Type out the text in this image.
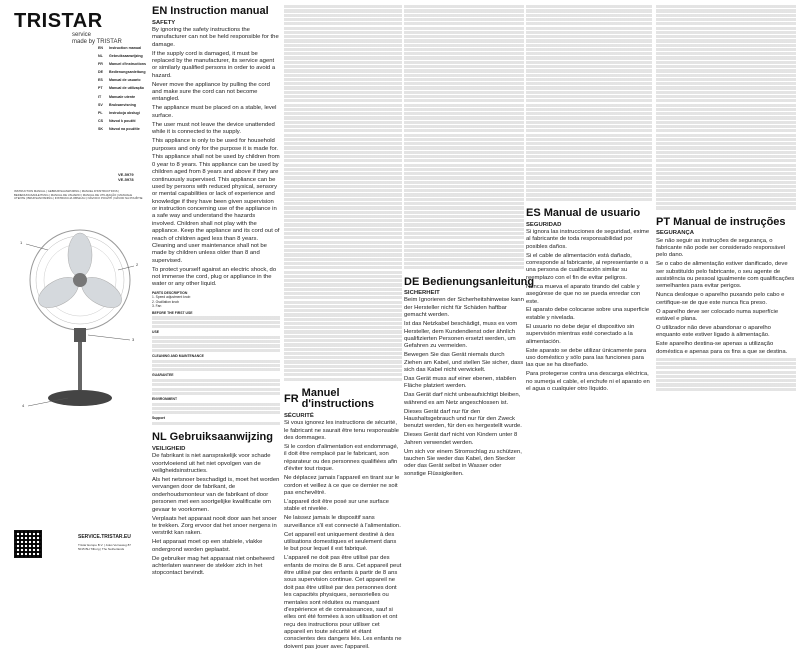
TRISTAR
service
made by TRISTAR
EN	Instruction manual
NL	Gebruiksaanwijzing
FR	Manuel d'instructions
DE	Bedienungsanleitung
ES	Manual de usuario
PT	Manual de utilização
IT	Manuale utente
SV	Bruksanvisning
PL	Instrukcja obsługi
CS	Návod k použití
SK	Návod na použitie
VE-5979
VE-5978
INSTRUCTION MANUAL | GEBRUIKSAANWIJZING | MANUEL D'INSTRUCTIONS | BEDIENUNGSANLEITUNG | MANUAL DE USUARIO | MANUAL DE UTILIZAÇÃO | MANUALE UTENTE | BRUKSANVISNING | INSTRUKCJA OBSŁUGI | NÁVOD K POUŽITÍ | NÁVOD NA POUŽITIE
1
2
3
4
SERVICE.TRISTAR.EU
Tristar Europe B.V. | Jules Verneweg 87
5015 BH Tilburg | The Netherlands
EN Instruction manual
SAFETY

By ignoring the safety instructions the manufacturer can not be held responsible for the damage.

If the supply cord is damaged, it must be replaced by the manufacturer, its service agent or similarly qualified persons in order to avoid a hazard.

Never move the appliance by pulling the cord and make sure the cord can not become entangled.

The appliance must be placed on a stable, level surface.

The user must not leave the device unattended while it is connected to the supply.

This appliance is only to be used for household purposes and only for the purpose it is made for.

This appliance shall not be used by children from 0 year to 8 years. This appliance can be used by children aged from 8 years and above if they are continuously supervised. This appliance can be used by persons with reduced physical, sensory or mental capabilities or lack of experience and knowledge if they have been given supervision or instruction concerning use of the appliance in a safe way and understand the hazards involved. Children shall not play with the appliance. Keep the appliance and its cord out of reach of children aged less than 8 years. Cleaning and user maintenance shall not be made by children unless older than 8 and supervised.

To protect yourself against an electric shock, do not immerse the cord, plug or appliance in the water or any other liquid.

PARTS DESCRIPTION
1. Speed adjustment knob
2. Oscillation knob
3. Fan
BEFORE THE FIRST USE
USE
CLEANING AND MAINTENANCE
GUARANTEE
ENVIRONMENT
Support
NL Gebruiksaanwijzing
VEILIGHEID

De fabrikant is niet aansprakelijk voor schade voortvloeiend uit het niet opvolgen van de veiligheidsinstructies.

Als het netsnoer beschadigd is, moet het worden vervangen door de fabrikant, de onderhoudsmonteur van de fabrikant of door personen met een soortgelijke kwalificatie om gevaar te voorkomen.

Verplaats het apparaat nooit door aan het snoer te trekken. Zorg ervoor dat het snoer nergens in verstrikt kan raken.

Het apparaat moet op een stabiele, vlakke ondergrond worden geplaatst.

De gebruiker mag het apparaat niet onbeheerd achterlaten wanneer de stekker zich in het stopcontact bevindt.

FR Manuel d'instructions
SÉCURITÉ

Si vous ignorez les instructions de sécurité, le fabricant ne saurait être tenu responsable des dommages.

Si le cordon d'alimentation est endommagé, il doit être remplacé par le fabricant, son réparateur ou des personnes qualifiées afin d'éviter tout risque.

Ne déplacez jamais l'appareil en tirant sur le cordon et veillez à ce que ce dernier ne soit pas enchevêtré.

L'appareil doit être posé sur une surface stable et nivelée.

Ne laissez jamais le dispositif sans surveillance s'il est connecté à l'alimentation.

Cet appareil est uniquement destiné à des utilisations domestiques et seulement dans le but pour lequel il est fabriqué.

L'appareil ne doit pas être utilisé par des enfants de moins de 8 ans. Cet appareil peut être utilisé par des enfants à partir de 8 ans sous supervision continue. Cet appareil ne doit pas être utilisé par des personnes dont les capacités physiques, sensorielles ou mentales sont réduites ou manquant d'expérience et de connaissances, sauf si elles ont été formées à son utilisation et ont reçu des instructions pour utiliser cet appareil en toute sécurité et étant conscientes des dangers liés. Les enfants ne doivent pas jouer avec l'appareil.

DE Bedienungsanleitung
SICHERHEIT

Beim Ignorieren der Sicherheitshinweise kann der Hersteller nicht für Schäden haftbar gemacht werden.

Ist das Netzkabel beschädigt, muss es vom Hersteller, dem Kundendienst oder ähnlich qualifizierten Personen ersetzt werden, um Gefahren zu vermeiden.

Bewegen Sie das Gerät niemals durch Ziehen am Kabel, und stellen Sie sicher, dass sich das Kabel nicht verwickelt.

Das Gerät muss auf einer ebenen, stabilen Fläche platziert werden.

Das Gerät darf nicht unbeaufsichtigt bleiben, während es am Netz angeschlossen ist.

Dieses Gerät darf nur für den Haushaltsgebrauch und nur für den Zweck benutzt werden, für den es hergestellt wurde.

Dieses Gerät darf nicht von Kindern unter 8 Jahren verwendet werden.

Um sich vor einem Stromschlag zu schützen, tauchen Sie weder das Kabel, den Stecker oder das Gerät selbst in Wasser oder sonstige Flüssigkeiten.

ES Manual de usuario
SEGURIDAD

Si ignora las instrucciones de seguridad, exime al fabricante de toda responsabilidad por posibles daños.

Si el cable de alimentación está dañado, corresponde al fabricante, al representante o a una persona de cualificación similar su reemplazo con el fin de evitar peligros.

Nunca mueva el aparato tirando del cable y asegúrese de que no se pueda enredar con este.

El aparato debe colocarse sobre una superficie estable y nivelada.

El usuario no debe dejar el dispositivo sin supervisión mientras esté conectado a la alimentación.

Este aparato se debe utilizar únicamente para uso doméstico y sólo para las funciones para las que se ha diseñado.

Para protegerse contra una descarga eléctrica, no sumerja el cable, el enchufe ni el aparato en el agua o cualquier otro líquido.

PT Manual de instruções
SEGURANÇA

Se não seguir as instruções de segurança, o fabricante não pode ser considerado responsável pelo dano.

Se o cabo de alimentação estiver danificado, deve ser substituído pelo fabricante, o seu agente de assistência ou pessoal igualmente com qualificações semelhantes para evitar perigos.

Nunca desloque o aparelho puxando pelo cabo e certifique-se de que este nunca fica preso.

O aparelho deve ser colocado numa superfície estável e plana.

O utilizador não deve abandonar o aparelho enquanto este estiver ligado à alimentação.

Este aparelho destina-se apenas a utilização doméstica e apenas para os fins a que se destina.
